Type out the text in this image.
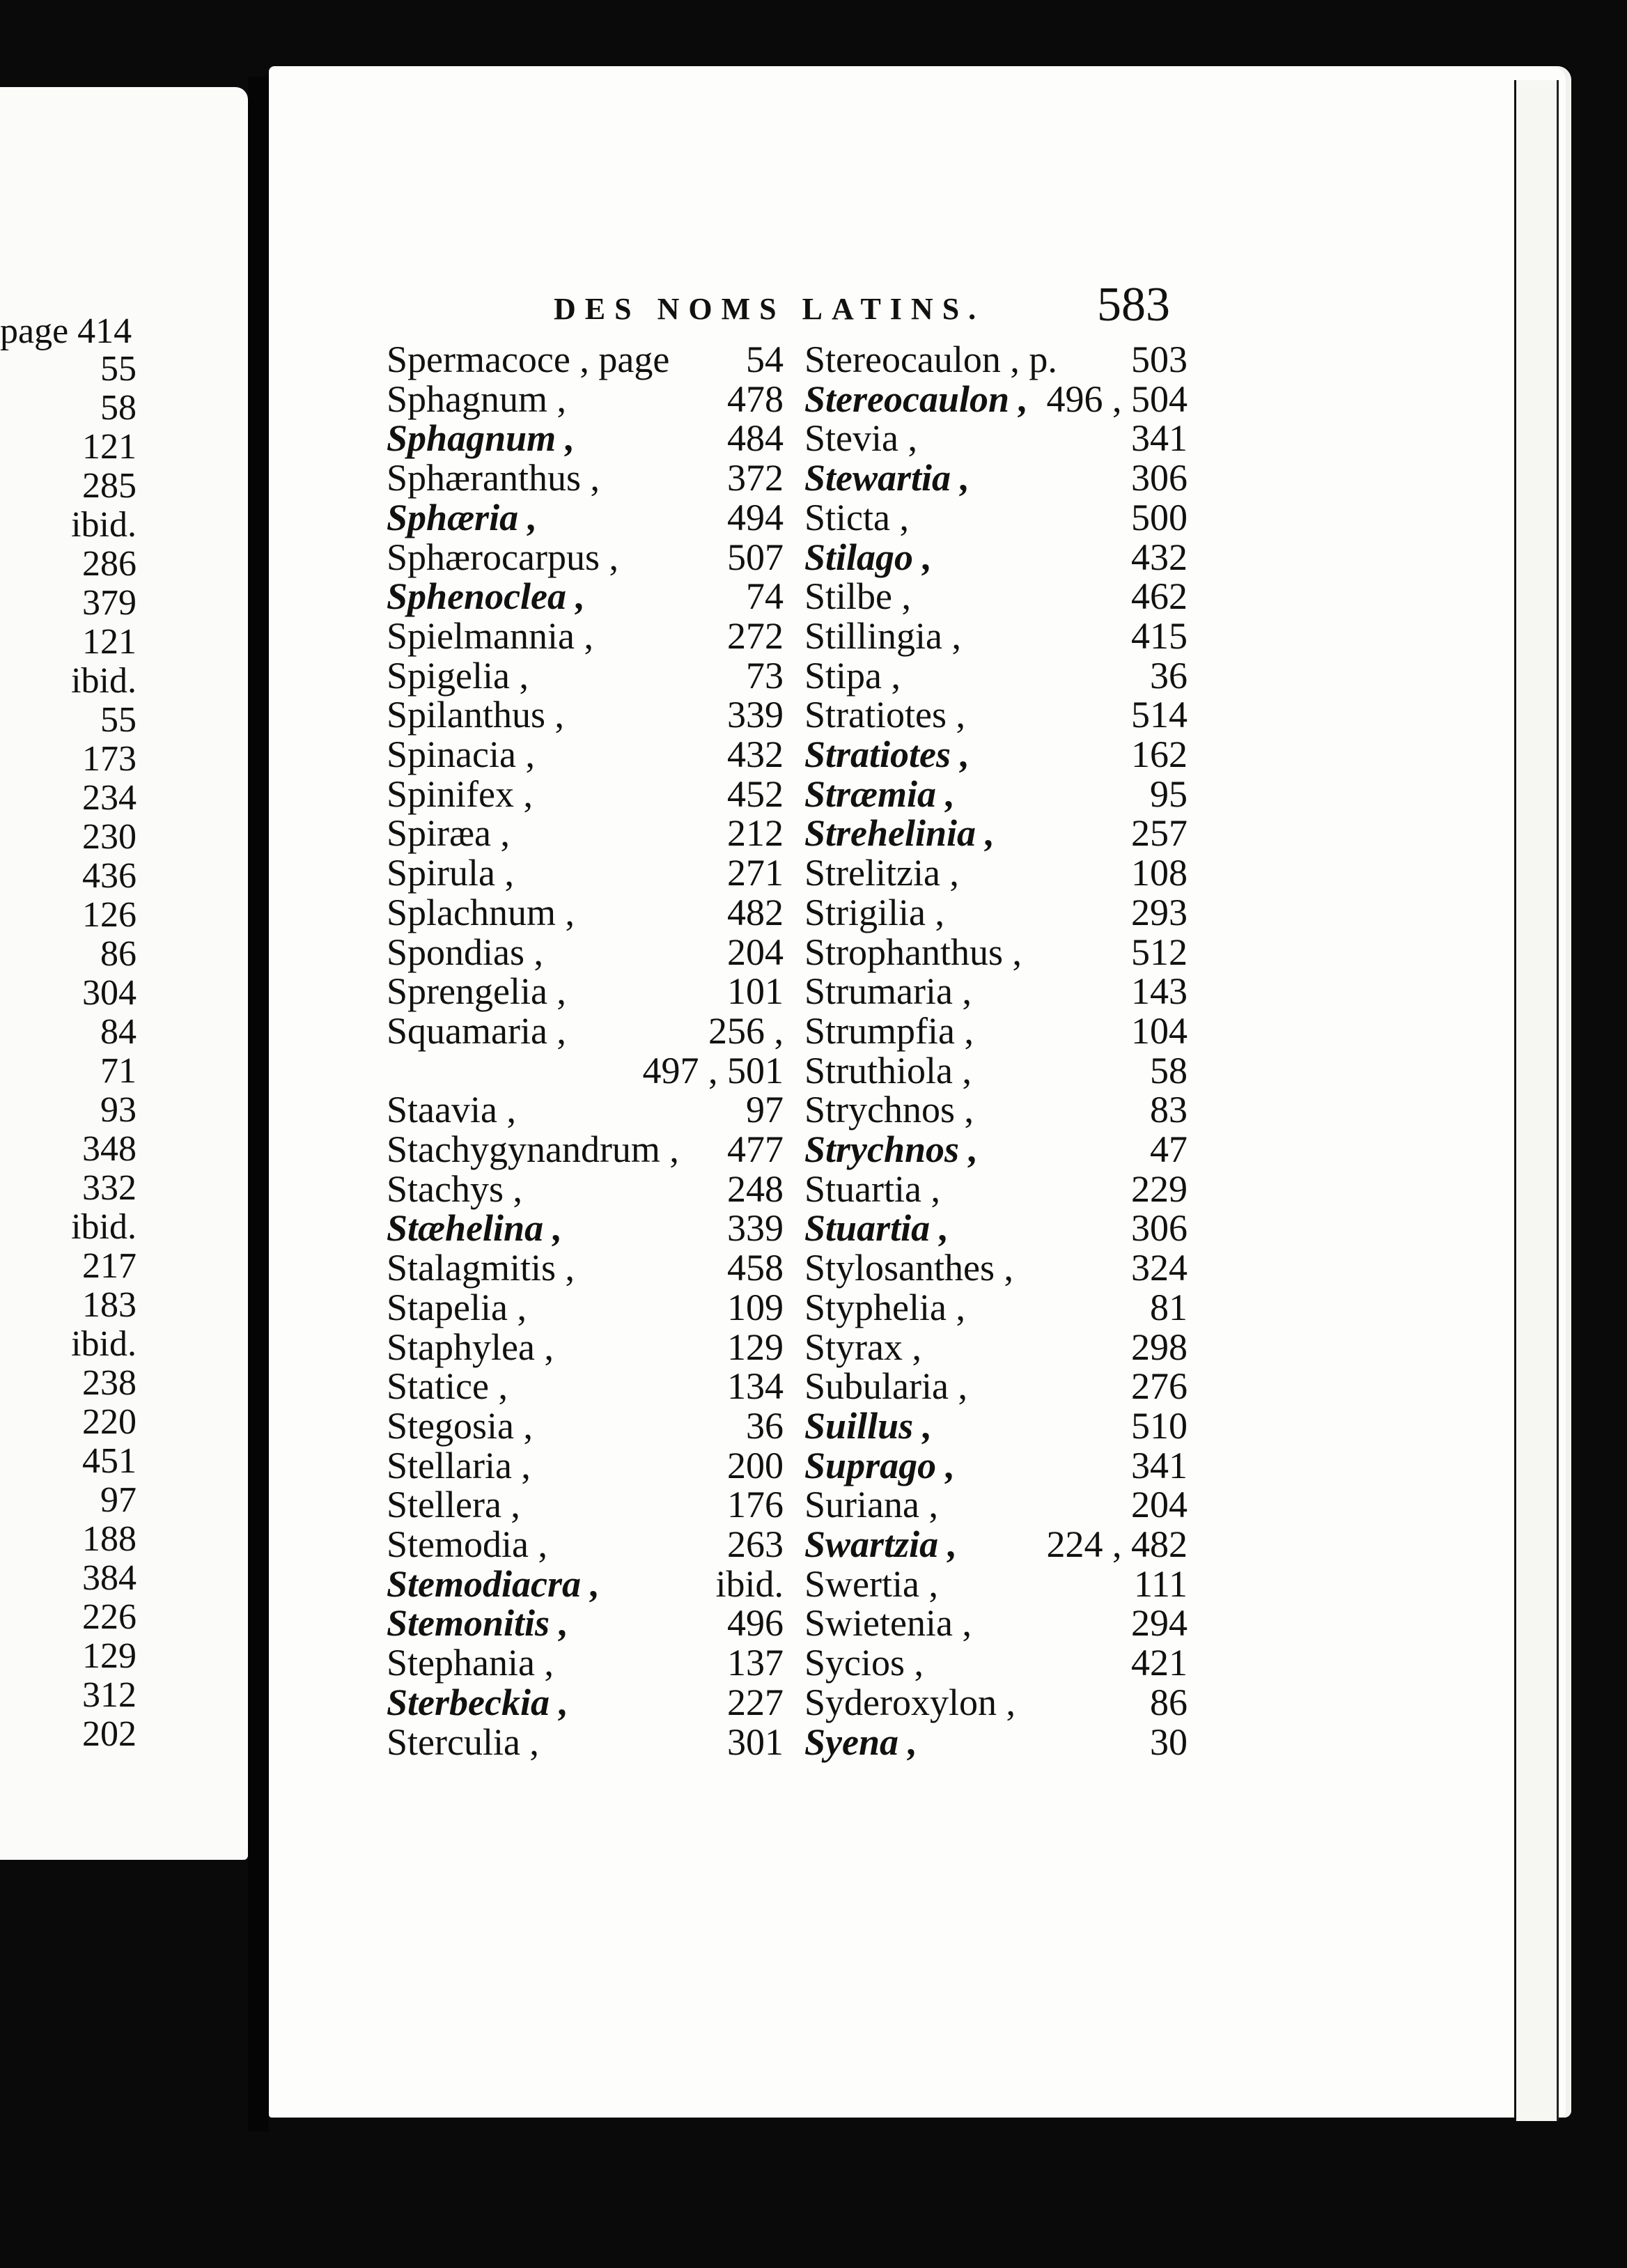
page 414
55
58
121
285
ibid.
286
379
121
ibid.
55
173
234
230
436
126
86
304
84
71
93
348
332
ibid.
217
183
ibid.
238
220
451
97
188
384
226
129
312
202
DES NOMS LATINS. 583
Spermacoce , page 54
Sphagnum ,	478
Sphagnum ,	484
Sphæranthus ,	372
Sphæria ,	494
Sphærocarpus ,	507
Sphenoclea ,	74
Spielmannia ,	272
Spigelia ,	73
Spilanthus ,	339
Spinacia ,	432
Spinifex ,	452
Spiræa ,	212
Spirula ,	271
Splachnum ,	482
Spondias ,	204
Sprengelia ,	101
Squamaria ,	256 ,
497 , 501
Staavia ,	97
Stachygynandrum , 477
Stachys ,	248
Stæhelina ,	339
Stalagmitis ,	458
Stapelia ,	109
Staphylea ,	129
Statice ,	134
Stegosia ,	36
Stellaria ,	200
Stellera ,	176
Stemodia ,	263
Stemodiacra ,	ibid.
Stemonitis ,	496
Stephania ,	137
Sterbeckia ,	227
Sterculia ,	301
Stereocaulon , p. 503
Stereocaulon , 496 , 504
Stevia ,	341
Stewartia ,	306
Sticta ,	500
Stilago ,	432
Stilbe ,	462
Stillingia ,	415
Stipa ,	36
Stratiotes ,	514
Stratiotes ,	162
Stræmia ,	95
Strehelinia ,	257
Strelitzia ,	108
Strigilia ,	293
Strophanthus ,	512
Strumaria ,	143
Strumpfia ,	104
Struthiola ,	58
Strychnos ,	83
Strychnos ,	47
Stuartia ,	229
Stuartia ,	306
Stylosanthes ,	324
Styphelia ,	81
Styrax ,	298
Subularia ,	276
Suillus ,	510
Suprago ,	341
Suriana ,	204
Swartzia , 224 , 482
Swertia ,	111
Swietenia ,	294
Sycios ,	421
Syderoxylon ,	86
Syena ,	30
